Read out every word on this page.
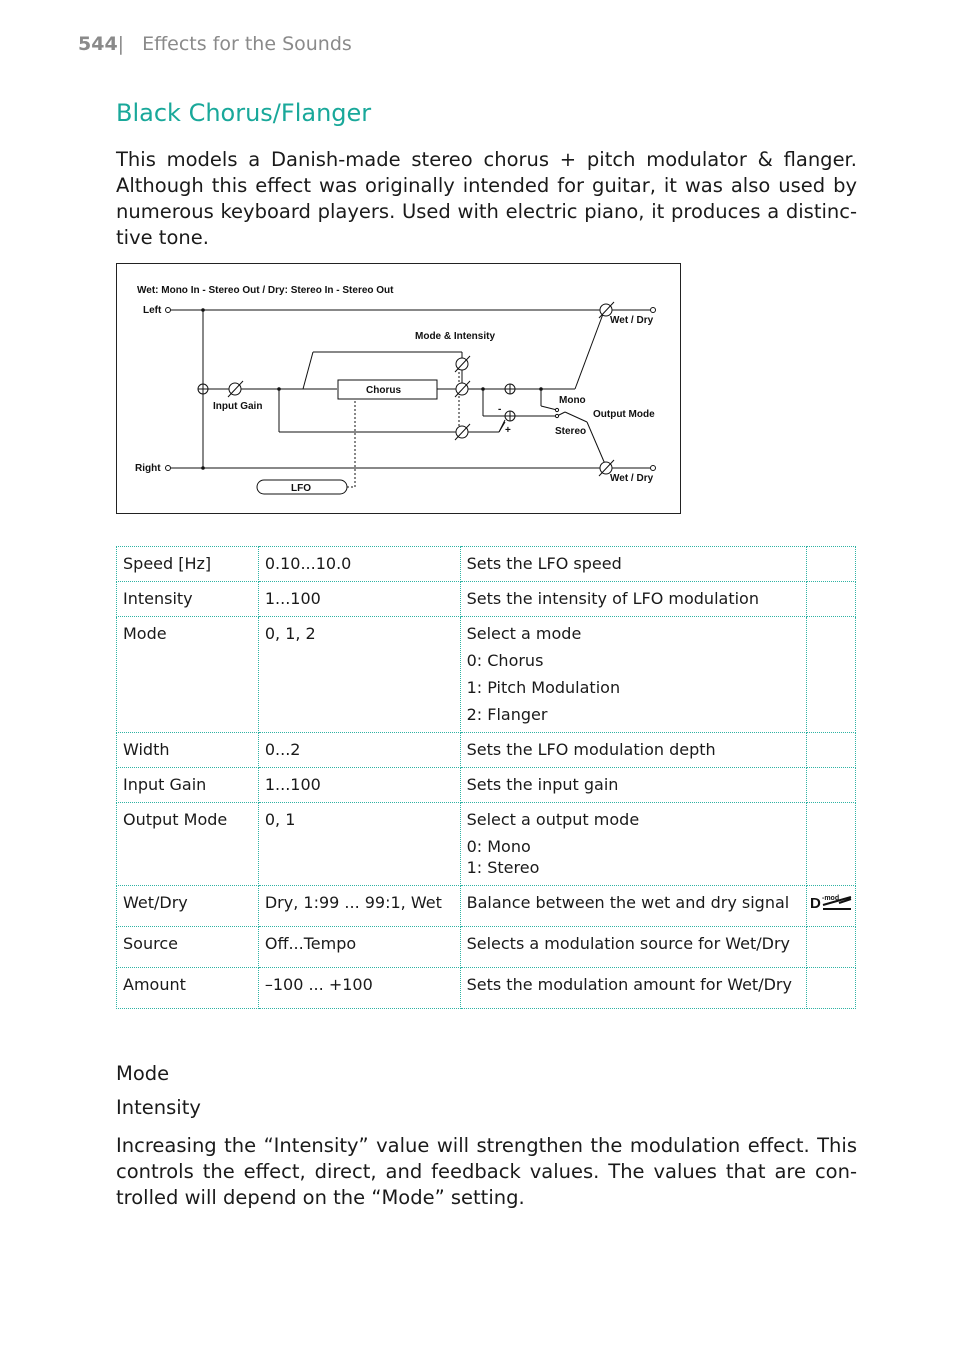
544| Effects for the Sounds
Black Chorus/Flanger

This models a Danish-made stereo chorus + pitch modulator & flanger. Although this effect was originally intended for guitar, it was also used by numerous keyboard players. Used with electric piano, it produces a distinc-tive tone.

Wet: Mono In - Stereo Out / Dry: Stereo In - Stereo Out
Left
Right
Mode & Intensity
Chorus
Input Gain
LFO
Mono
Stereo
Output Mode
Wet / Dry
Wet / Dry
-
+
Speed [Hz]	0.10...10.0	Sets the LFO speed	

Intensity	1...100	Sets the intensity of LFO modulation	

Mode	0, 1, 2	Select a mode
0: Chorus
1: Pitch Modulation
2: Flanger	

Width	0...2	Sets the LFO modulation depth	

Input Gain	1...100	Sets the input gain	

Output Mode	0, 1	Select a output mode
0: Mono
1: Stereo	

Wet/Dry	Dry, 1:99 ... 99:1, Wet	Balance between the wet and dry signal	D -mod

Source	Off...Tempo	Selects a modulation source for Wet/Dry	

Amount	–100 ... +100	Sets the modulation amount for Wet/Dry	

Mode
Intensity

Increasing the “Intensity” value will strengthen the modulation effect. This controls the effect, direct, and feedback values. The values that are con-trolled will depend on the “Mode” setting.
